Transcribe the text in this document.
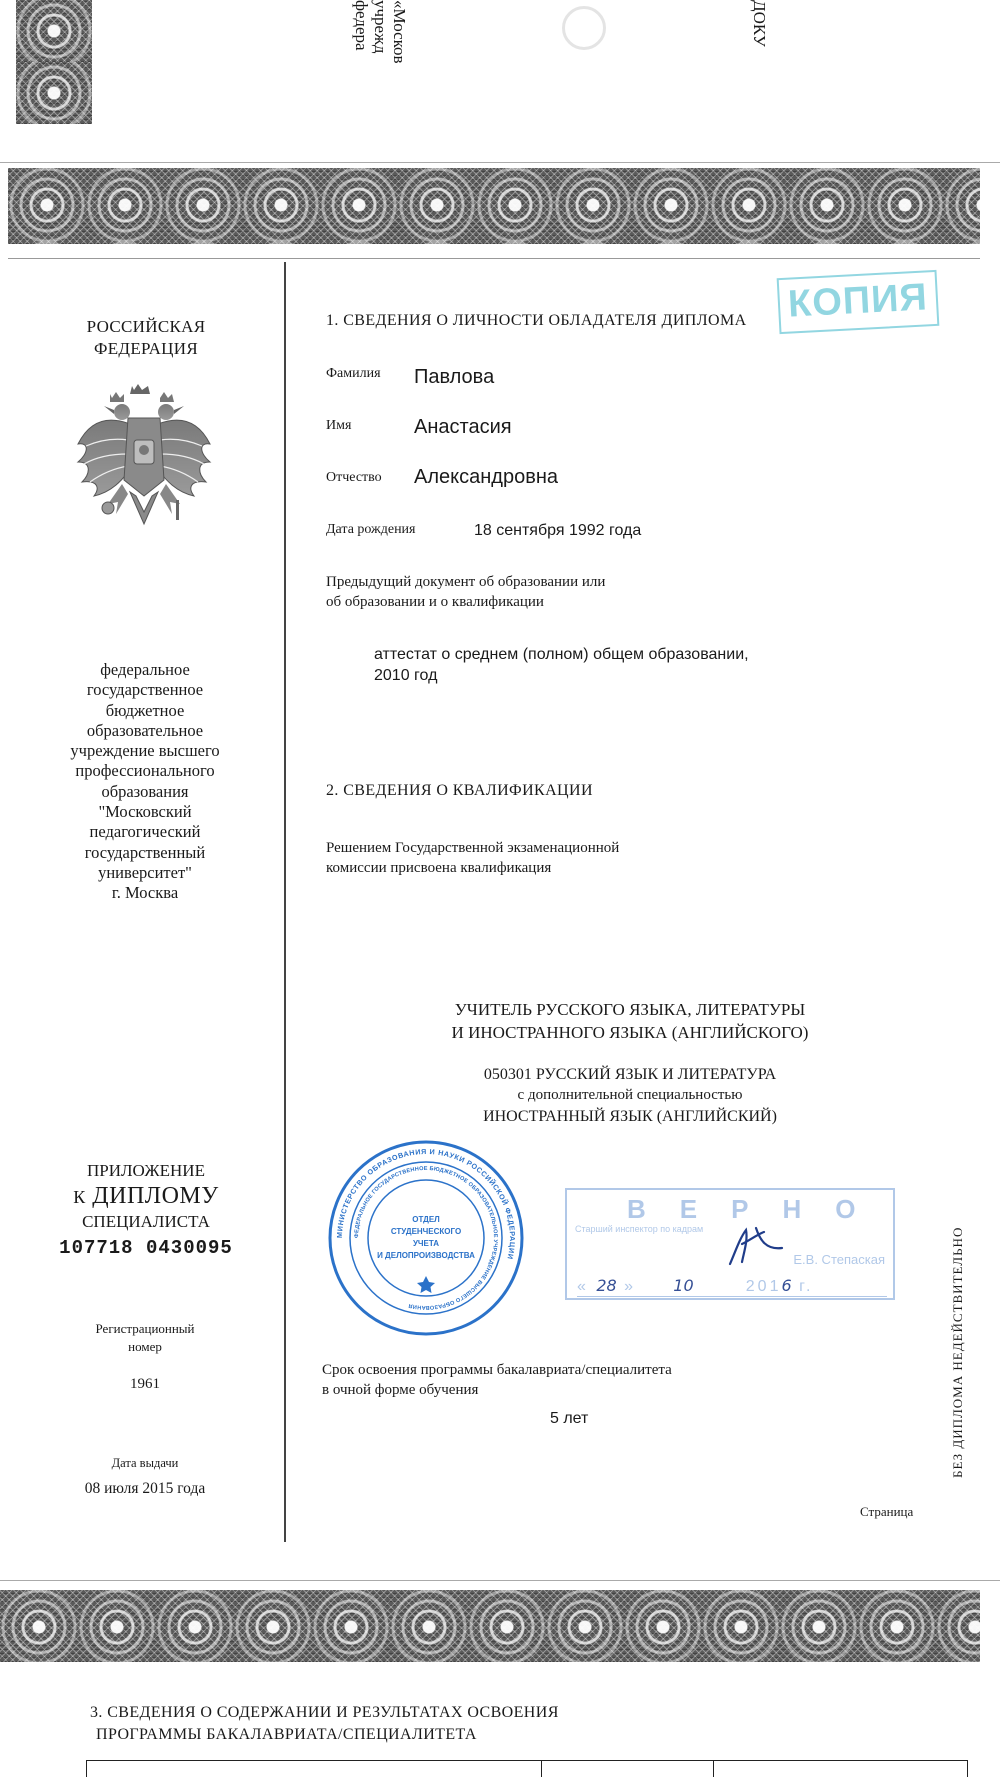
федера учрежд «Москов	ДОКУ
РОССИЙСКАЯ
ФЕДЕРАЦИЯ
федеральное
государственное
бюджетное
образовательное
учреждение высшего
профессионального
образования
"Московский
педагогический
государственный
университет"
г. Москва
ПРИЛОЖЕНИЕ
К ДИПЛОМУ
СПЕЦИАЛИСТА
107718 0430095
Регистрационный
номер
1961
Дата выдачи
08 июля 2015 года
1. СВЕДЕНИЯ О ЛИЧНОСТИ ОБЛАДАТЕЛЯ ДИПЛОМА КОПИЯ
Фамилия Павлова
Имя	Анастасия
Отчество Александровна
Дата рождения	18 сентября 1992 года
Предыдущий документ об образовании или
об образовании и о квалификации
аттестат о среднем (полном) общем образовании,
2010 год
2. СВЕДЕНИЯ О КВАЛИФИКАЦИИ
Решением Государственной экзаменационной
комиссии присвоена квалификация
УЧИТЕЛЬ РУССКОГО ЯЗЫКА, ЛИТЕРАТУРЫ
И ИНОСТРАННОГО ЯЗЫКА (АНГЛИЙСКОГО)
050301 РУССКИЙ ЯЗЫК И ЛИТЕРАТУРА
с дополнительной специальностью
ИНОСТРАННЫЙ ЯЗЫК (АНГЛИЙСКИЙ)
МИНИСТЕРСТВО ОБРАЗОВАНИЯ И НАУКИ РОССИЙСКОЙ ФЕДЕРАЦИИ
ФЕДЕРАЛЬНОЕ ГОСУДАРСТВЕННОЕ БЮДЖЕТНОЕ ОБРАЗОВАТЕЛЬНОЕ УЧРЕЖДЕНИЕ ВЫСШЕГО ОБРАЗОВАНИЯ
ОТДЕЛ
СТУДЕНЧЕСКОГО
УЧЕТА
И ДЕЛОПРОИЗВОДСТВА
ВЕРНО
Старший инспектор по кадрам
Е.В. Степаская
« 28 »     10	2016 г.
Срок освоения программы бакалавриата/специалитета
в очной форме обучения
5 лет	БЕЗ ДИПЛОМА НЕДЕЙСТВИТЕЛЬНО
Страница
3. СВЕДЕНИЯ О СОДЕРЖАНИИ И РЕЗУЛЬТАТАХ ОСВОЕНИЯ
ПРОГРАММЫ БАКАЛАВРИАТА/СПЕЦИАЛИТЕТА
